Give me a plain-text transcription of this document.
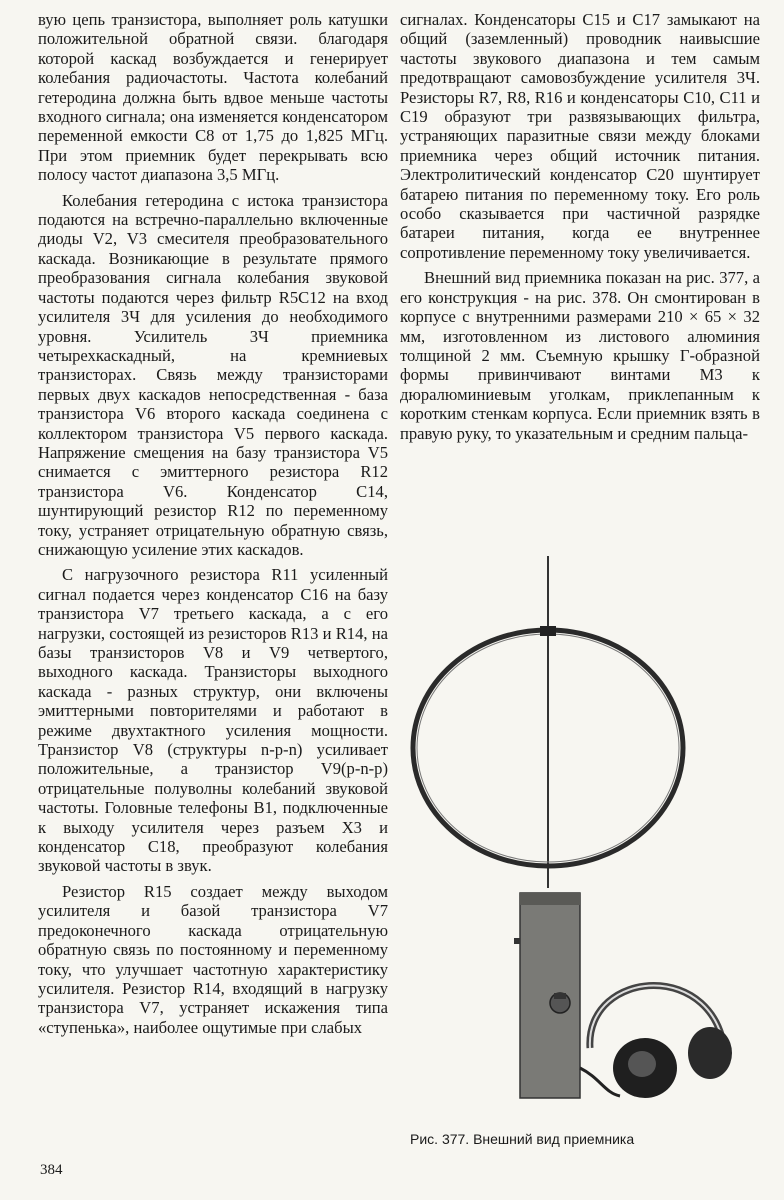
вую цепь транзистора, выполняет роль катушки положительной обратной связи. благодаря которой каскад возбуждается и генерирует колебания радиочастоты. Частота колебаний гетеродина должна быть вдвое меньше частоты входного сигнала; она изменяется конденсатором переменной емкости С8 от 1,75 до 1,825 МГц. При этом приемник будет перекрывать всю полосу частот диапазона 3,5 МГц.

Колебания гетеродина с истока транзистора подаются на встречно-параллельно включенные диоды V2, V3 смесителя преобразовательного каскада. Возникающие в результате прямого преобразования сигнала колебания звуковой частоты подаются через фильтр R5C12 на вход усилителя 3Ч для усиления до необходимого уровня. Усилитель 3Ч приемника четырехкаскадный, на кремниевых транзисторах. Связь между транзисторами первых двух каскадов непосредственная - база транзистора V6 второго каскада соединена с коллектором транзистора V5 первого каскада. Напряжение смещения на базу транзистора V5 снимается с эмиттерного резистора R12 транзистора V6. Конденсатор С14, шунтирующий резистор R12 по переменному току, устраняет отрицательную обратную связь, снижающую усиление этих каскадов.

С нагрузочного резистора R11 усиленный сигнал подается через конденсатор С16 на базу транзистора V7 третьего каскада, а с его нагрузки, состоящей из резисторов R13 и R14, на базы транзисторов V8 и V9 четвертого, выходного каскада. Транзисторы выходного каскада - разных структур, они включены эмиттерными повторителями и работают в режиме двухтактного усиления мощности. Транзистор V8 (структуры n-p-n) усиливает положительные, а транзистор V9(p-n-p) отрицательные полуволны колебаний звуковой частоты. Головные телефоны В1, подключенные к выходу усилителя через разъем Х3 и конденсатор С18, преобразуют колебания звуковой частоты в звук.

Резистор R15 создает между выходом усилителя и базой транзистора V7 предоконечного каскада отрицательную обратную связь по постоянному и переменному току, что улучшает частотную характеристику усилителя. Резистор R14, входящий в нагрузку транзистора V7, устраняет искажения типа «ступенька», наиболее ощутимые при слабых

сигналах. Конденсаторы С15 и С17 замыкают на общий (заземленный) проводник наивысшие частоты звукового диапазона и тем самым предотвращают самовозбуждение усилителя 3Ч. Резисторы R7, R8, R16 и конденсаторы С10, С11 и С19 образуют три развязывающих фильтра, устраняющих паразитные связи между блоками приемника через общий источник питания. Электролитический конденсатор С20 шунтирует батарею питания по переменному току. Его роль особо сказывается при частичной разрядке батареи питания, когда ее внутреннее сопротивление переменному току увеличивается.

Внешний вид приемника показан на рис. 377, а его конструкция - на рис. 378. Он смонтирован в корпусе с внутренними размерами 210 × 65 × 32 мм, изготовленном из листового алюминия толщиной 2 мм. Съемную крышку Г-образной формы привинчивают винтами М3 к дюралюминиевым уголкам, приклепанным к коротким стенкам корпуса. Если приемник взять в правую руку, то указательным и средним пальца-

Рис. 377. Внешний вид приемника
384
